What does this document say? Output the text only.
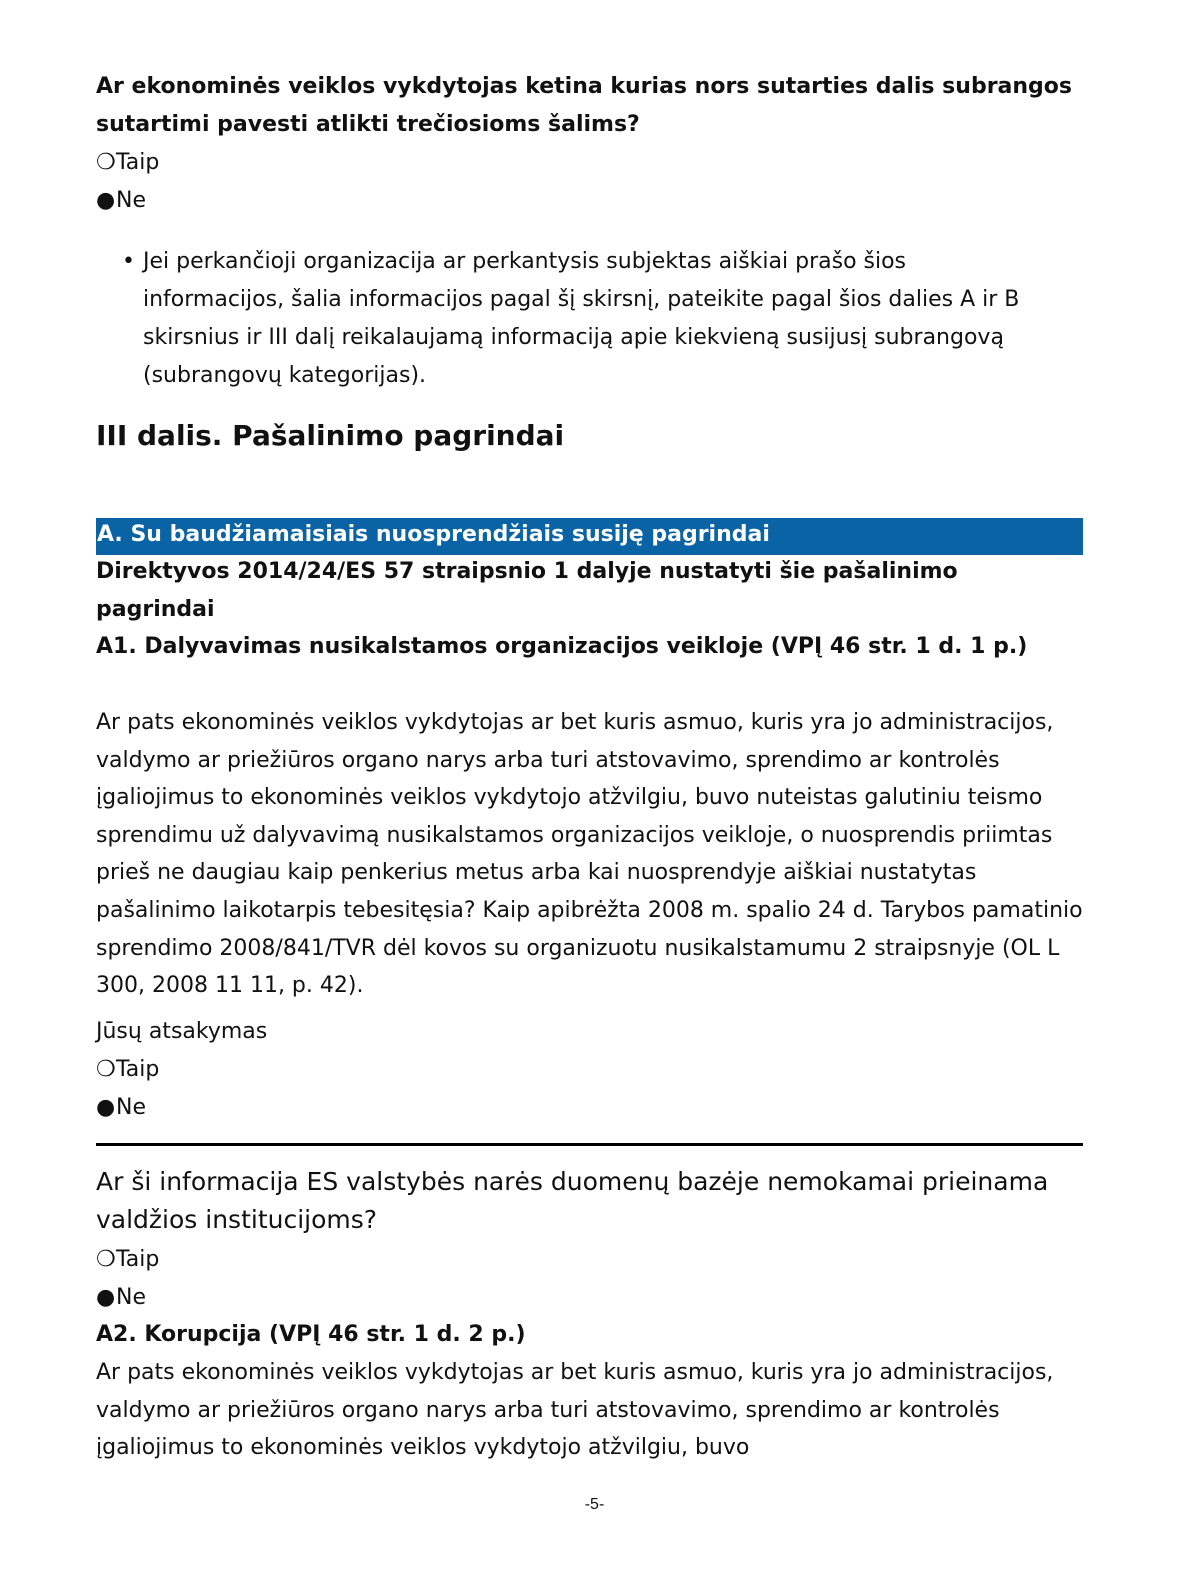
Ar ekonominės veiklos vykdytojas ketina kurias nors sutarties dalis subrangos sutartimi pavesti atlikti trečiosioms šalims?

❍Taip
●Ne
• Jei perkančioji organizacija ar perkantysis subjektas aiškiai prašo šios informacijos, šalia informacijos pagal šį skirsnį, pateikite pagal šios dalies A ir B skirsnius ir III dalį reikalaujamą informaciją apie kiekvieną susijusį subrangovą (subrangovų kategorijas).
III dalis. Pašalinimo pagrindai
A. Su baudžiamaisiais nuosprendžiais susiję pagrindai

Direktyvos 2014/24/ES 57 straipsnio 1 dalyje nustatyti šie pašalinimo pagrindai

A1. Dalyvavimas nusikalstamos organizacijos veikloje (VPĮ 46 str. 1 d. 1 p.)

Ar pats ekonominės veiklos vykdytojas ar bet kuris asmuo, kuris yra jo administracijos, valdymo ar priežiūros organo narys arba turi atstovavimo, sprendimo ar kontrolės įgaliojimus to ekonominės veiklos vykdytojo atžvilgiu, buvo nuteistas galutiniu teismo sprendimu už dalyvavimą nusikalstamos organizacijos veikloje, o nuosprendis priimtas prieš ne daugiau kaip penkerius metus arba kai nuosprendyje aiškiai nustatytas pašalinimo laikotarpis tebesitęsia? Kaip apibrėžta 2008 m. spalio 24 d. Tarybos pamatinio sprendimo 2008/841/TVR dėl kovos su organizuotu nusikalstamumu 2 straipsnyje (OL L 300, 2008 11 11, p. 42).

Jūsų atsakymas
❍Taip
●Ne

Ar ši informacija ES valstybės narės duomenų bazėje nemokamai prieinama valdžios institucijoms?

❍Taip
●Ne

A2. Korupcija (VPĮ 46 str. 1 d. 2 p.)

Ar pats ekonominės veiklos vykdytojas ar bet kuris asmuo, kuris yra jo administracijos, valdymo ar priežiūros organo narys arba turi atstovavimo, sprendimo ar kontrolės įgaliojimus to ekonominės veiklos vykdytojo atžvilgiu, buvo

-5-
